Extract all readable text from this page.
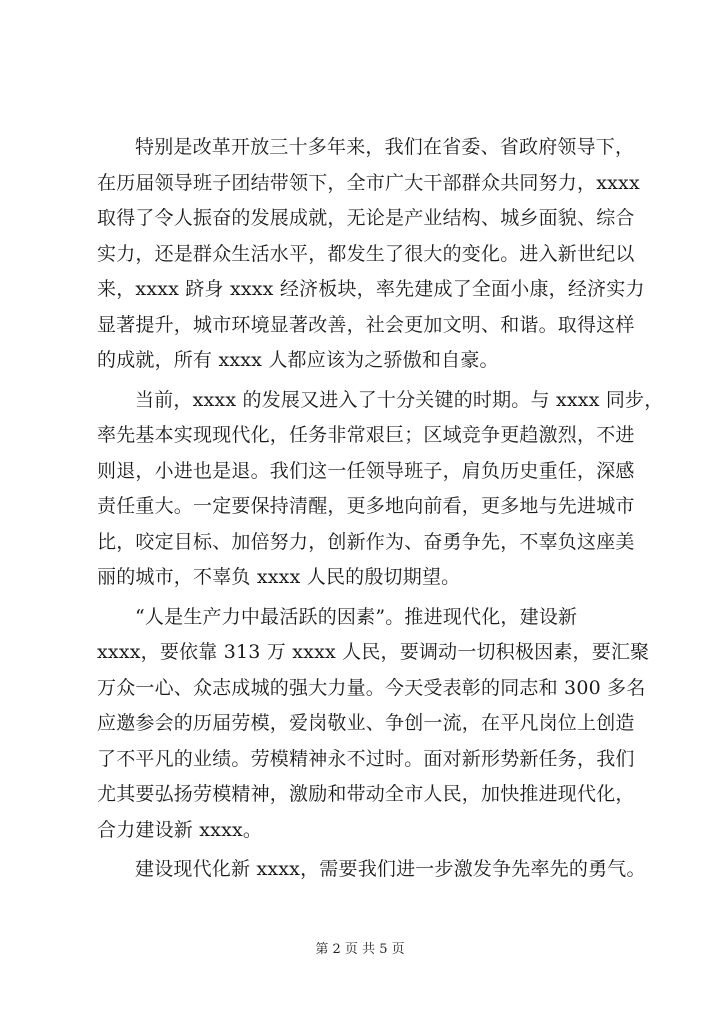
特别是改革开放三十多年来，我们在省委、省政府领导下，
在历届领导班子团结带领下，全市广大干部群众共同努力，xxxx
取得了令人振奋的发展成就，无论是产业结构、城乡面貌、综合
实力，还是群众生活水平，都发生了很大的变化。进入新世纪以
来，xxxx 跻身 xxxx 经济板块，率先建成了全面小康，经济实力
显著提升，城市环境显著改善，社会更加文明、和谐。取得这样
的成就，所有 xxxx 人都应该为之骄傲和自豪。
当前，xxxx 的发展又进入了十分关键的时期。与 xxxx 同步，
率先基本实现现代化，任务非常艰巨；区域竞争更趋激烈，不进
则退，小进也是退。我们这一任领导班子，肩负历史重任，深感
责任重大。一定要保持清醒，更多地向前看，更多地与先进城市
比，咬定目标、加倍努力，创新作为、奋勇争先，不辜负这座美
丽的城市，不辜负 xxxx 人民的殷切期望。
“人是生产力中最活跃的因素”。推进现代化，建设新
xxxx，要依靠 313 万 xxxx 人民，要调动一切积极因素，要汇聚
万众一心、众志成城的强大力量。今天受表彰的同志和 300 多名
应邀参会的历届劳模，爱岗敬业、争创一流，在平凡岗位上创造
了不平凡的业绩。劳模精神永不过时。面对新形势新任务，我们
尤其要弘扬劳模精神，激励和带动全市人民，加快推进现代化，
合力建设新 xxxx。
建设现代化新 xxxx，需要我们进一步激发争先率先的勇气。
第 2 页 共 5 页
